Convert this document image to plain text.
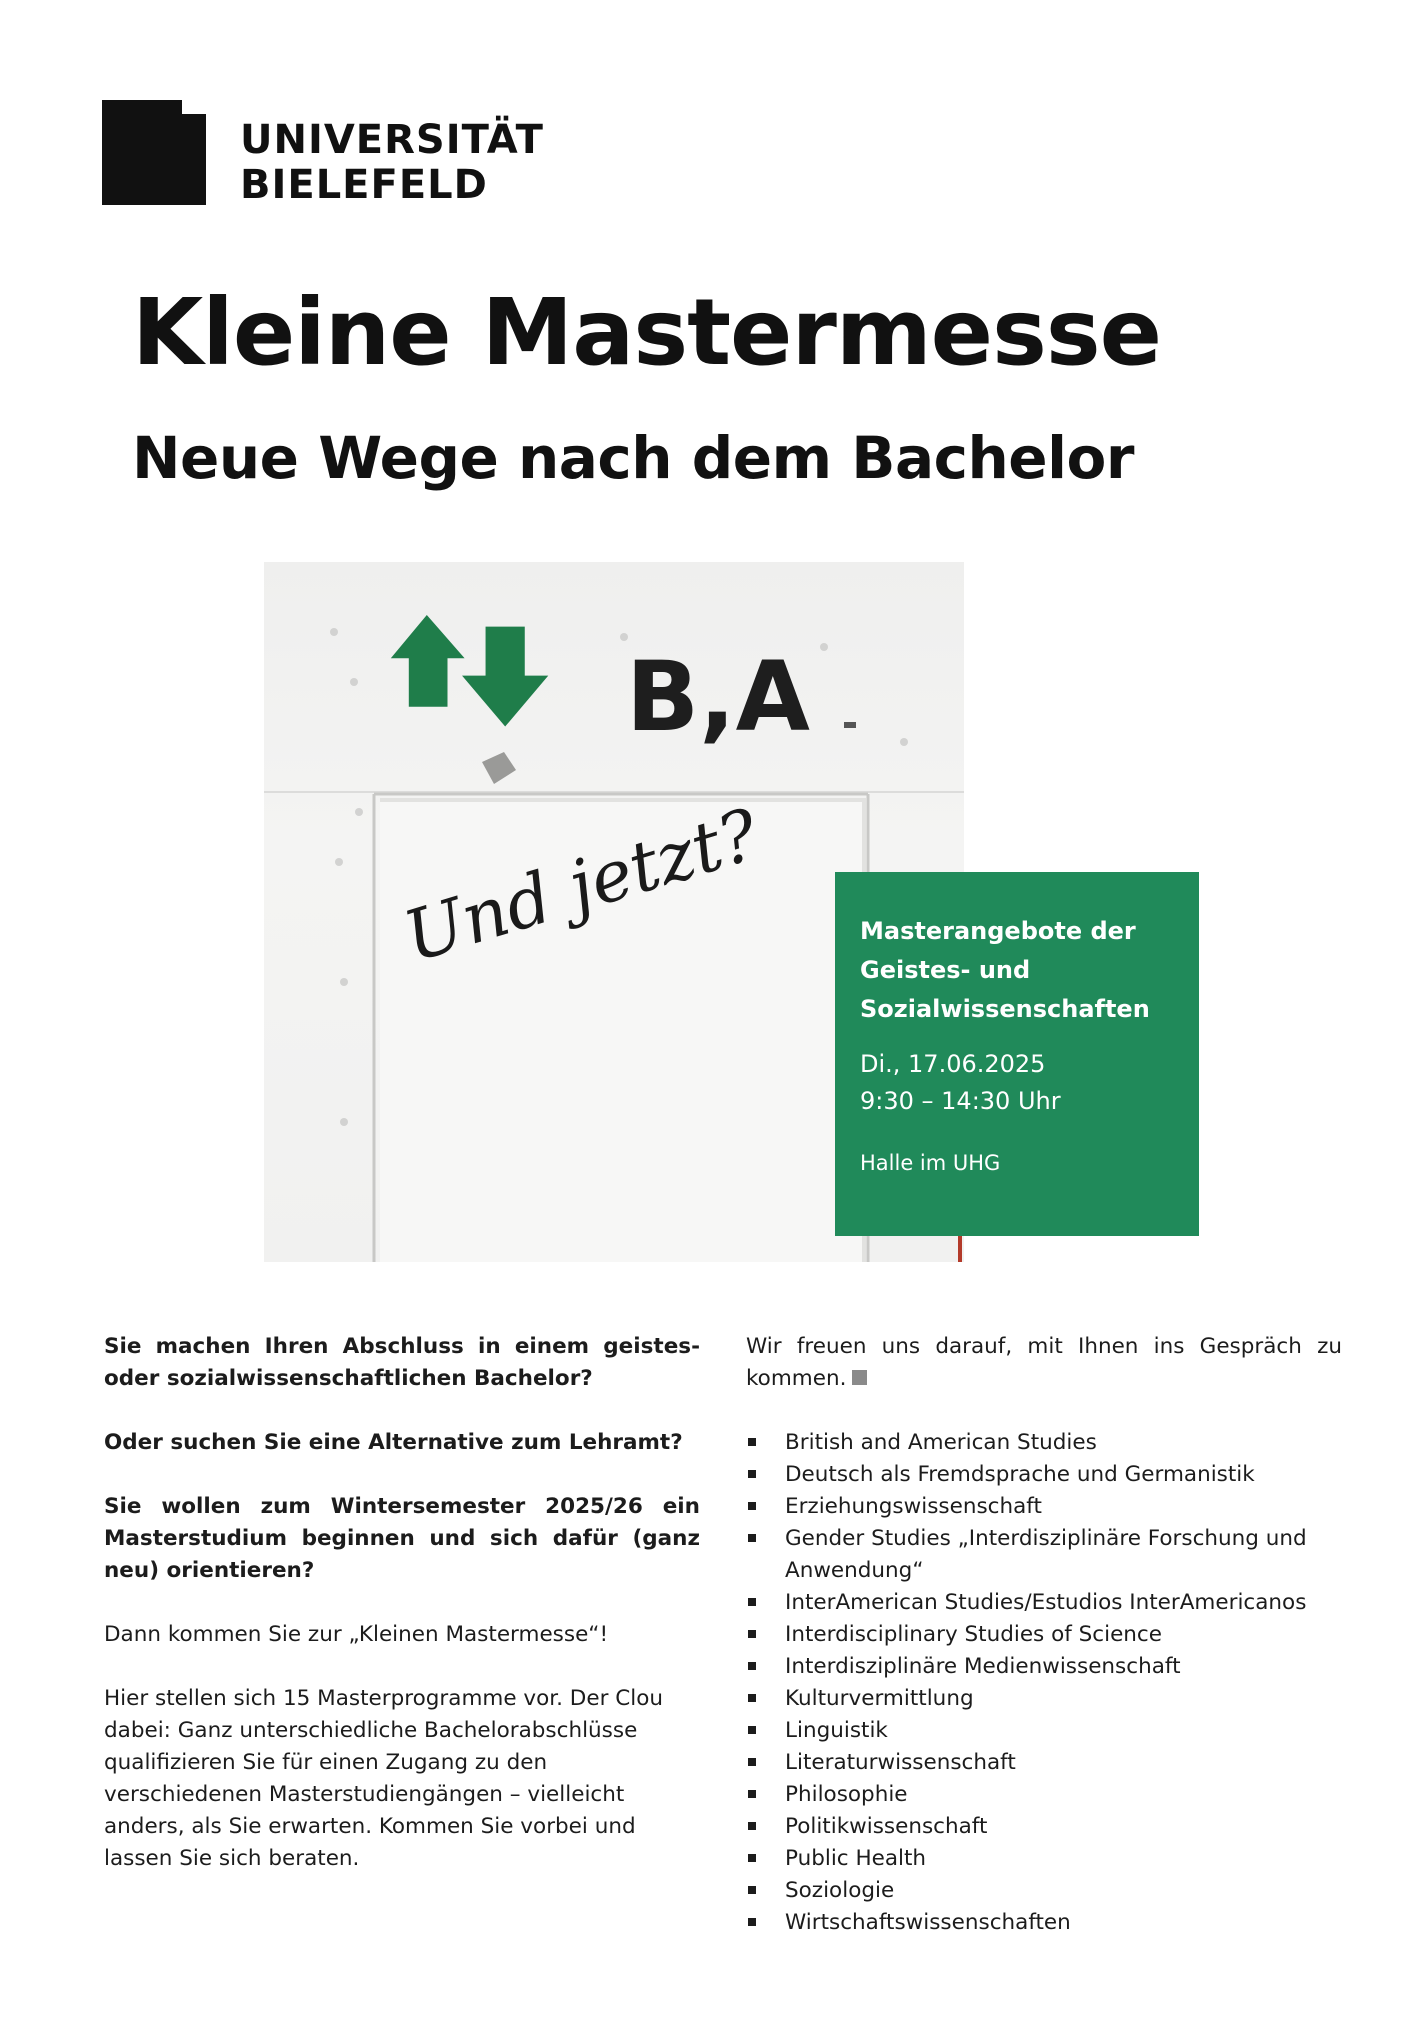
UNIVERSITÄT
BIELEFELD
Kleine Mastermesse
Neue Wege nach dem Bachelor
B,A
Und jetzt?	Masterangebote der
Geistes- und
Sozialwissenschaften

Di., 17.06.2025
9:30 – 14:30 Uhr
Halle im UHG

Sie machen Ihren Abschluss in einem geistes- oder sozialwissenschaftlichen Bachelor?

Oder suchen Sie eine Alternative zum Lehramt?

Sie wollen zum Wintersemester 2025/26 ein Masterstudium beginnen und sich dafür (ganz neu) orientieren?

Dann kommen Sie zur „Kleinen Mastermesse“!

Hier stellen sich 15 Masterprogramme vor. Der Clou dabei: Ganz unterschiedliche Bachelorabschlüsse qualifizieren Sie für einen Zugang zu den verschiedenen Masterstudiengängen – vielleicht anders, als Sie erwarten. Kommen Sie vorbei und lassen Sie sich beraten.

Wir freuen uns darauf, mit Ihnen ins Gespräch zu kommen.

British and American Studies
Deutsch als Fremdsprache und Germanistik
Erziehungswissenschaft
Gender Studies „Interdisziplinäre Forschung und Anwendung“
InterAmerican Studies/Estudios InterAmericanos
Interdisciplinary Studies of Science
Interdisziplinäre Medienwissenschaft
Kulturvermittlung
Linguistik
Literaturwissenschaft
Philosophie
Politikwissenschaft
Public Health
Soziologie
Wirtschaftswissenschaften
